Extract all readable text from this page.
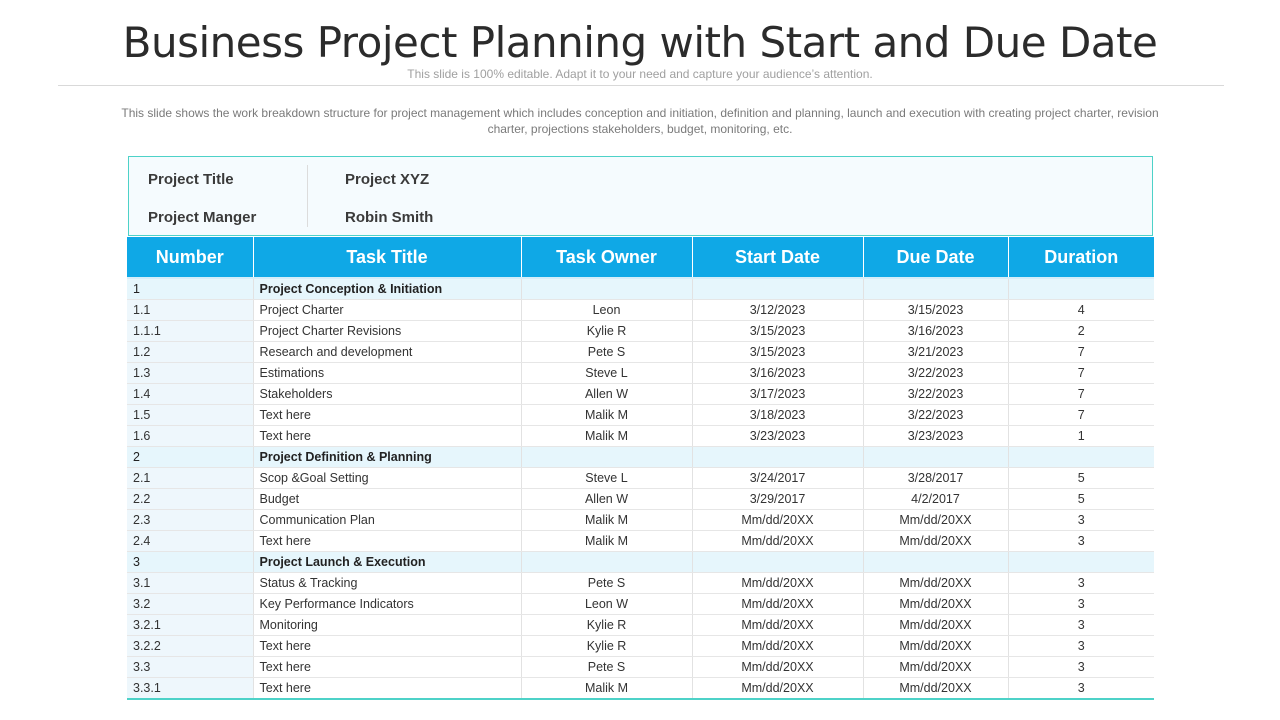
Business Project Planning with Start and Due Date
This slide is 100% editable. Adapt it to your need and capture your audience’s attention.
This slide shows the work breakdown structure for project management which includes conception and initiation, definition and planning, launch and execution with creating project charter, revision charter, projections stakeholders, budget, monitoring, etc.
Project Title	Project XYZ
Project Manger	Robin Smith
Number	Task Title	Task Owner	Start Date	Due Date	Duration
1	Project Conception & Initiation				
1.1	Project Charter	Leon	3/12/2023	3/15/2023	4
1.1.1	Project Charter Revisions	Kylie R	3/15/2023	3/16/2023	2
1.2	Research and development	Pete S	3/15/2023	3/21/2023	7
1.3	Estimations	Steve L	3/16/2023	3/22/2023	7
1.4	Stakeholders	Allen W	3/17/2023	3/22/2023	7
1.5	Text here	Malik M	3/18/2023	3/22/2023	7
1.6	Text here	Malik M	3/23/2023	3/23/2023	1
2	Project Definition & Planning				
2.1	Scop &Goal Setting	Steve L	3/24/2017	3/28/2017	5
2.2	Budget	Allen W	3/29/2017	4/2/2017	5
2.3	Communication Plan	Malik M	Mm/dd/20XX	Mm/dd/20XX	3
2.4	Text here	Malik M	Mm/dd/20XX	Mm/dd/20XX	3
3	Project Launch & Execution				
3.1	Status & Tracking	Pete S	Mm/dd/20XX	Mm/dd/20XX	3
3.2	Key Performance Indicators	Leon W	Mm/dd/20XX	Mm/dd/20XX	3
3.2.1	Monitoring	Kylie R	Mm/dd/20XX	Mm/dd/20XX	3
3.2.2	Text here	Kylie R	Mm/dd/20XX	Mm/dd/20XX	3
3.3	Text here	Pete S	Mm/dd/20XX	Mm/dd/20XX	3
3.3.1	Text here	Malik M	Mm/dd/20XX	Mm/dd/20XX	3
